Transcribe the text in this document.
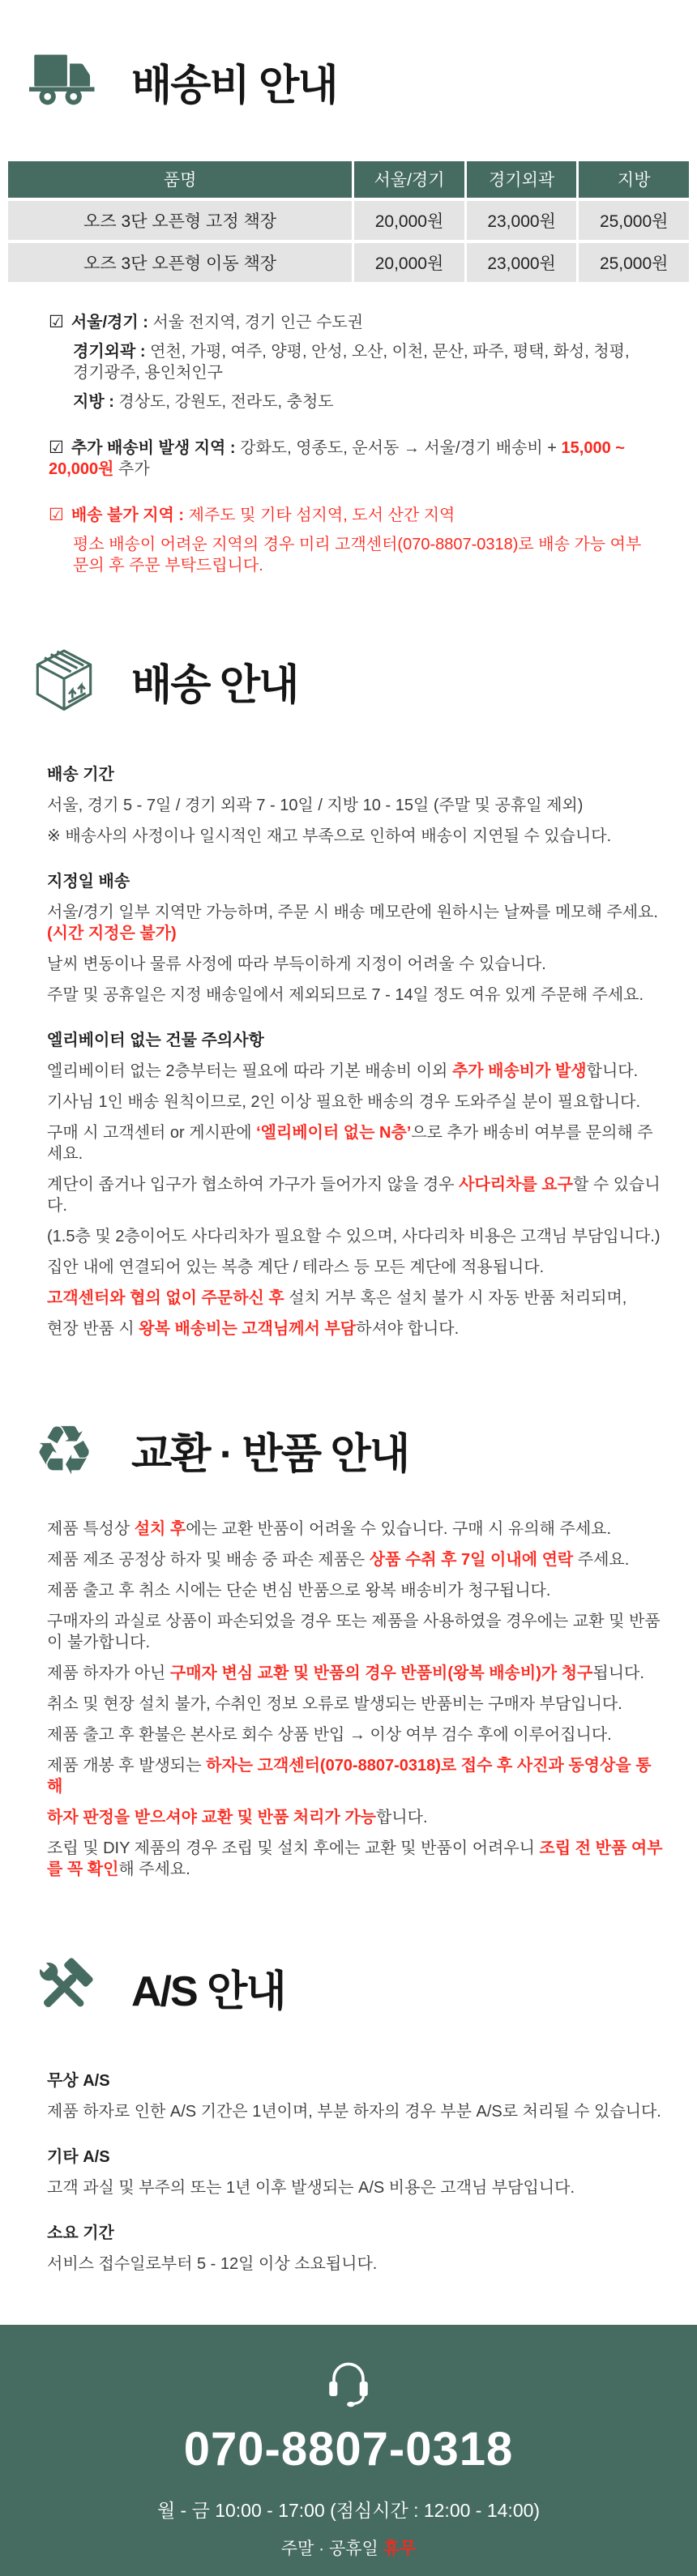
배송비 안내
품명	서울/경기	경기외곽	지방
오즈 3단 오픈형 고정 책장	20,000원	23,000원	25,000원
오즈 3단 오픈형 이동 책장	20,000원	23,000원	25,000원
☑ 서울/경기 : 서울 전지역, 경기 인근 수도권
경기외곽 : 연천, 가평, 여주, 양평, 안성, 오산, 이천, 문산, 파주, 평택, 화성, 청평, 경기광주, 용인처인구
지방 : 경상도, 강원도, 전라도, 충청도
☑ 추가 배송비 발생 지역 : 강화도, 영종도, 운서동 → 서울/경기 배송비 + 15,000 ~ 20,000원 추가
☑ 배송 불가 지역 : 제주도 및 기타 섬지역, 도서 산간 지역
평소 배송이 어려운 지역의 경우 미리 고객센터(070-8807-0318)로 배송 가능 여부 문의 후 주문 부탁드립니다.
배송 안내
배송 기간
서울, 경기 5 - 7일 / 경기 외곽 7 - 10일 / 지방 10 - 15일 (주말 및 공휴일 제외)
※ 배송사의 사정이나 일시적인 재고 부족으로 인하여 배송이 지연될 수 있습니다.
지정일 배송
서울/경기 일부 지역만 가능하며, 주문 시 배송 메모란에 원하시는 날짜를 메모해 주세요. (시간 지정은 불가)
날씨 변동이나 물류 사정에 따라 부득이하게 지정이 어려울 수 있습니다.
주말 및 공휴일은 지정 배송일에서 제외되므로 7 - 14일 정도 여유 있게 주문해 주세요.
엘리베이터 없는 건물 주의사항
엘리베이터 없는 2층부터는 필요에 따라 기본 배송비 이외 추가 배송비가 발생합니다.
기사님 1인 배송 원칙이므로, 2인 이상 필요한 배송의 경우 도와주실 분이 필요합니다.
구매 시 고객센터 or 게시판에 ‘엘리베이터 없는 N층’으로 추가 배송비 여부를 문의해 주세요.
계단이 좁거나 입구가 협소하여 가구가 들어가지 않을 경우 사다리차를 요구할 수 있습니다.
(1.5층 및 2층이어도 사다리차가 필요할 수 있으며, 사다리차 비용은 고객님 부담입니다.)
집안 내에 연결되어 있는 복층 계단 / 테라스 등 모든 계단에 적용됩니다.
고객센터와 협의 없이 주문하신 후 설치 거부 혹은 설치 불가 시 자동 반품 처리되며,
현장 반품 시 왕복 배송비는 고객님께서 부담하셔야 합니다.
♻ 교환 · 반품 안내
제품 특성상 설치 후에는 교환 반품이 어려울 수 있습니다. 구매 시 유의해 주세요.
제품 제조 공정상 하자 및 배송 중 파손 제품은 상품 수취 후 7일 이내에 연락 주세요.
제품 출고 후 취소 시에는 단순 변심 반품으로 왕복 배송비가 청구됩니다.
구매자의 과실로 상품이 파손되었을 경우 또는 제품을 사용하였을 경우에는 교환 및 반품이 불가합니다.
제품 하자가 아닌 구매자 변심 교환 및 반품의 경우 반품비(왕복 배송비)가 청구됩니다.
취소 및 현장 설치 불가, 수취인 정보 오류로 발생되는 반품비는 구매자 부담입니다.
제품 출고 후 환불은 본사로 회수 상품 반입 → 이상 여부 검수 후에 이루어집니다.
제품 개봉 후 발생되는 하자는 고객센터(070-8807-0318)로 접수 후 사진과 동영상을 통해
하자 판정을 받으셔야 교환 및 반품 처리가 가능합니다.
조립 및 DIY 제품의 경우 조립 및 설치 후에는 교환 및 반품이 어려우니 조립 전 반품 여부를 꼭 확인해 주세요.
A/S 안내
무상 A/S
제품 하자로 인한 A/S 기간은 1년이며, 부분 하자의 경우 부분 A/S로 처리될 수 있습니다.
기타 A/S
고객 과실 및 부주의 또는 1년 이후 발생되는 A/S 비용은 고객님 부담입니다.
소요 기간
서비스 접수일로부터 5 - 12일 이상 소요됩니다.
070-8807-0318
월 - 금 10:00 - 17:00 (점심시간 : 12:00 - 14:00)
주말 · 공휴일 휴무
